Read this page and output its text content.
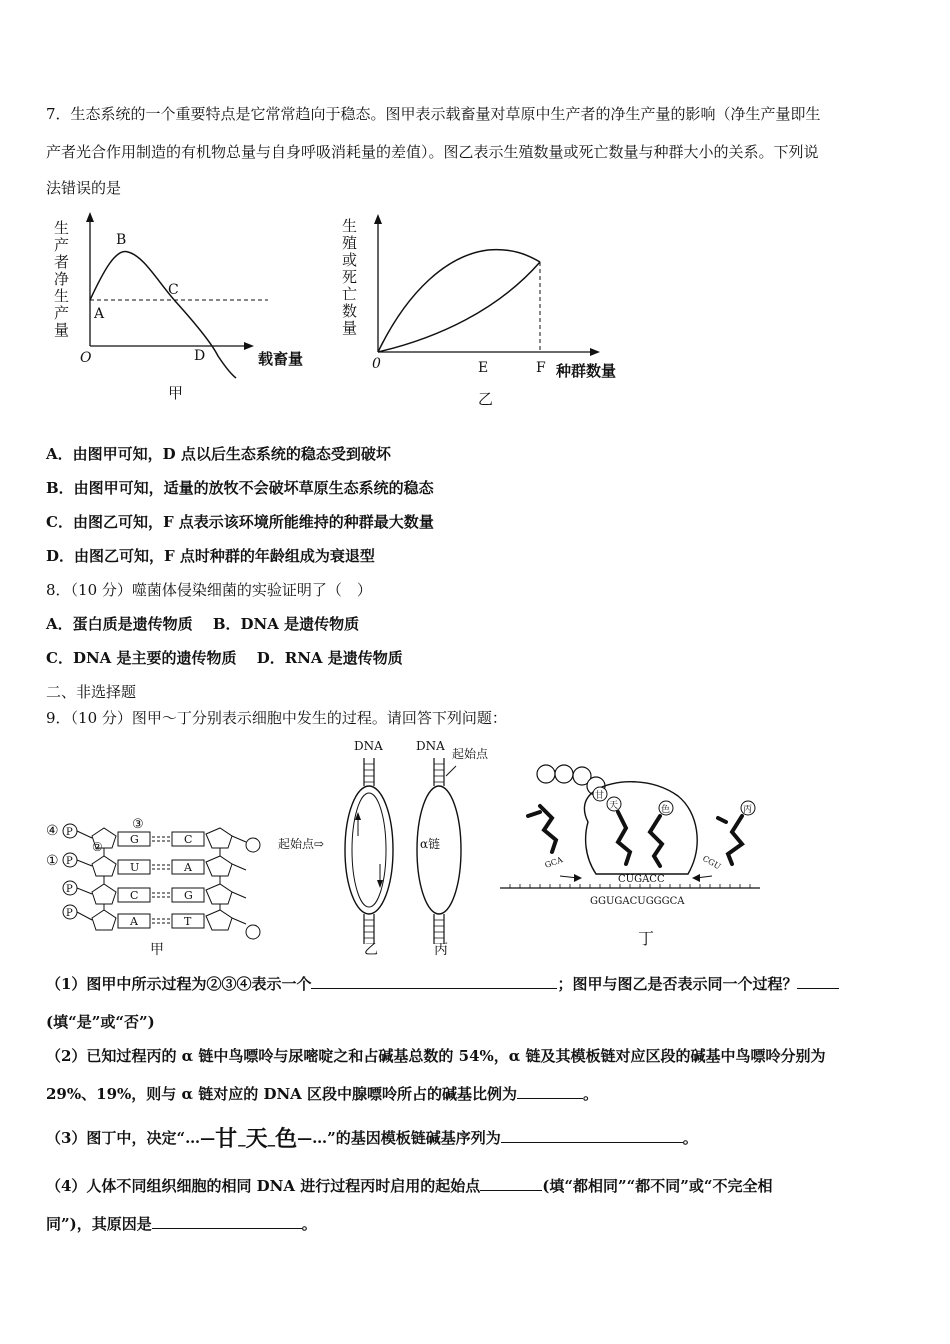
7．生态系统的一个重要特点是它常常趋向于稳态。图甲表示载畜量对草原中生产者的净生产量的影响（净生产量即生
产者光合作用制造的有机物总量与自身呼吸消耗量的差值）。图乙表示生殖数量或死亡数量与种群大小的关系。下列说
法错误的是
生
产
者
净
生
产
量
O
A
B
C
D	载畜量
甲
生
殖
或
死
亡
数
量
0	E	F 种群数量
乙
A．由图甲可知，D 点以后生态系统的稳态受到破坏
B．由图甲可知，适量的放牧不会破坏草原生态系统的稳态
C．由图乙可知，F 点表示该环境所能维持的种群最大数量
D．由图乙可知，F 点时种群的年龄组成为衰退型
8．（10 分）噬菌体侵染细菌的实验证明了（　）
A．蛋白质是遗传物质　 B．DNA 是遗传物质
C．DNA 是主要的遗传物质　 D．RNA 是遗传物质
二、非选择题
9．（10 分）图甲～丁分别表示细胞中发生的过程。请回答下列问题：
④
①
③
P
P
P
P
②
G
U
C
A
C
A
G
T
甲
DNA
起始点⇨
乙
DNA
起始点
α链
丙
甘
天	色	丙
GCA	CGU
CUGACC
GGUGACUGGGCA
丁
（1）图甲中所示过程为②③④表示一个	；图甲与图乙是否表示同一个过程？
(填“是”或“否”)
（2）已知过程丙的 α 链中鸟嘌呤与尿嘧啶之和占碱基总数的 54%，α 链及其模板链对应区段的碱基中鸟嘌呤分别为
29%、19%，则与 α 链对应的 DNA 区段中腺嘌呤所占的碱基比例为	。
（3）图丁中，决定“…—甘_天_色—…”的基因模板链碱基序列为	。
（4）人体不同组织细胞的相同 DNA 进行过程丙时启用的起始点	(填“都相同”“都不同”或“不完全相
同”)，其原因是	。
